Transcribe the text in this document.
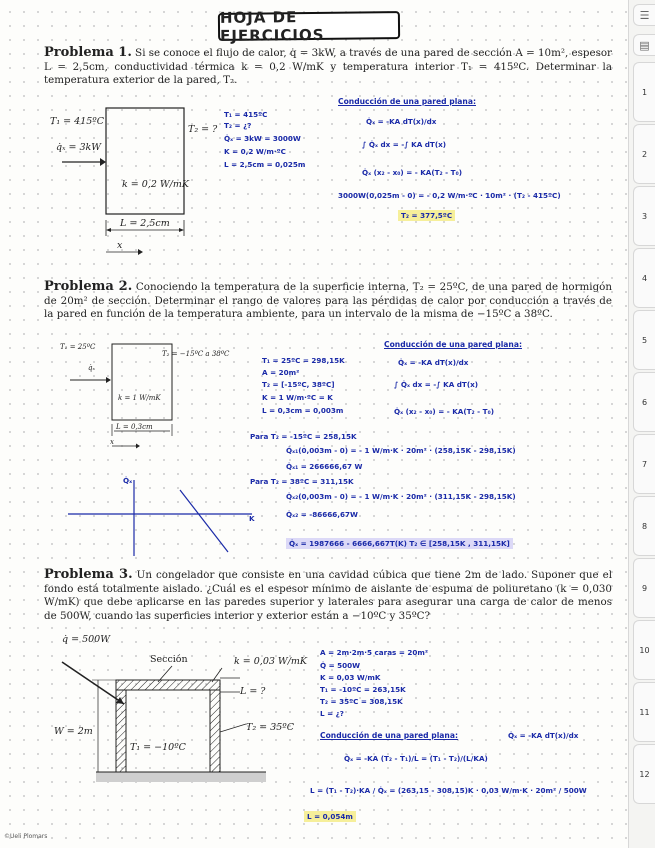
HOJA DE EJERCICIOS
Problema 1. Si se conoce el flujo de calor, q̇ = 3kW, a través de una pared de sección A = 10m², espesor L = 2,5cm, conductividad térmica k = 0,2 W/mK y temperatura interior T₁ = 415ºC. Determinar la temperatura exterior de la pared, T₂.
T₁ = 415ºC
q̇ₓ = 3kW
T₂ = ?
k = 0,2 W/mK
L = 2,5cm
x
T₁ = 415ºC
T₂ = ¿?
Q̇ₓ = 3kW = 3000W
K = 0,2 W/m·ºC
L = 2,5cm = 0,025m
Conducción de una pared plana:
Q̇ₓ = -KA dT(x)/dx
∫ Q̇ₓ dx = -∫ KA dT(x)
Q̇ₓ (x₂ - x₀) = - KA(T₂ - T₀)
3000W(0,025m - 0) = - 0,2 W/m·ºC · 10m² · (T₂ - 415ºC)
T₂ = 377,5ºC
Problema 2. Conociendo la temperatura de la superficie interna, T₂ = 25ºC, de una pared de hormigón de 20m² de sección. Determinar el rango de valores para las pérdidas de calor por conducción a través de la pared en función de la temperatura ambiente, para un intervalo de la misma de −15ºC a 38ºC.
T₁ = 25ºC
T₂ = −15ºC a 38ºC
q̇ₓ
k = 1 W/mK
L = 0,3cm
x
T₁ = 25ºC = 298,15K
A = 20m²
T₂ = [-15ºC, 38ºC]
K = 1 W/m·ºC = K
L = 0,3cm = 0,003m
Conducción de una pared plana:
Q̇ₓ = -KA dT(x)/dx
∫ Q̇ₓ dx = -∫ KA dT(x)
Q̇ₓ (x₂ - x₀) = - KA(T₂ - T₀)
Para T₂ = -15ºC = 258,15K
Q̇ₓ₁(0,003m - 0) = - 1 W/m·K · 20m² · (258,15K - 298,15K)
Q̇ₓ₁ = 266666,67 W
Para T₂ = 38ºC = 311,15K
Q̇ₓ₂(0,003m - 0) = - 1 W/m·K · 20m² · (311,15K - 298,15K)
Q̇ₓ₂ = -86666,67W
Q̇ₓ = 1987666 - 6666,667T(K) T₂ ∈ [258,15K , 311,15K]
Q̇ₓ
K
Problema 3. Un congelador que consiste en una cavidad cúbica que tiene 2m de lado. Suponer que el fondo está totalmente aislado. ¿Cuál es el espesor mínimo de aislante de espuma de poliuretano (k = 0,030 W/mK) que debe aplicarse en las paredes superior y laterales para asegurar una carga de calor de menos de 500W, cuando las superficies interior y exterior están a −10ºC y 35ºC?
q̇ = 500W
Sección	k = 0,03 W/mK
L = ?
W = 2m
T₁ = −10ºC
T₂ = 35ºC
A = 2m·2m·5 caras = 20m²
Q̇ = 500W
K = 0,03 W/mK
T₁ = -10ºC = 263,15K
T₂ = 35ºC = 308,15K
L = ¿?
Conducción de una pared plana:	Q̇ₓ = -KA dT(x)/dx
Q̇ₓ = -KA (T₂ - T₁)/L = (T₁ - T₂)/(L/KA)
L = (T₁ - T₂)·KA / Q̇ₓ = (263,15 - 308,15)K · 0,03 W/m·K · 20m² / 500W
L = 0,054m
©Ueli Plomars
☰
▤
1
2
3
4
5
6
7
8
9
10
11
12
